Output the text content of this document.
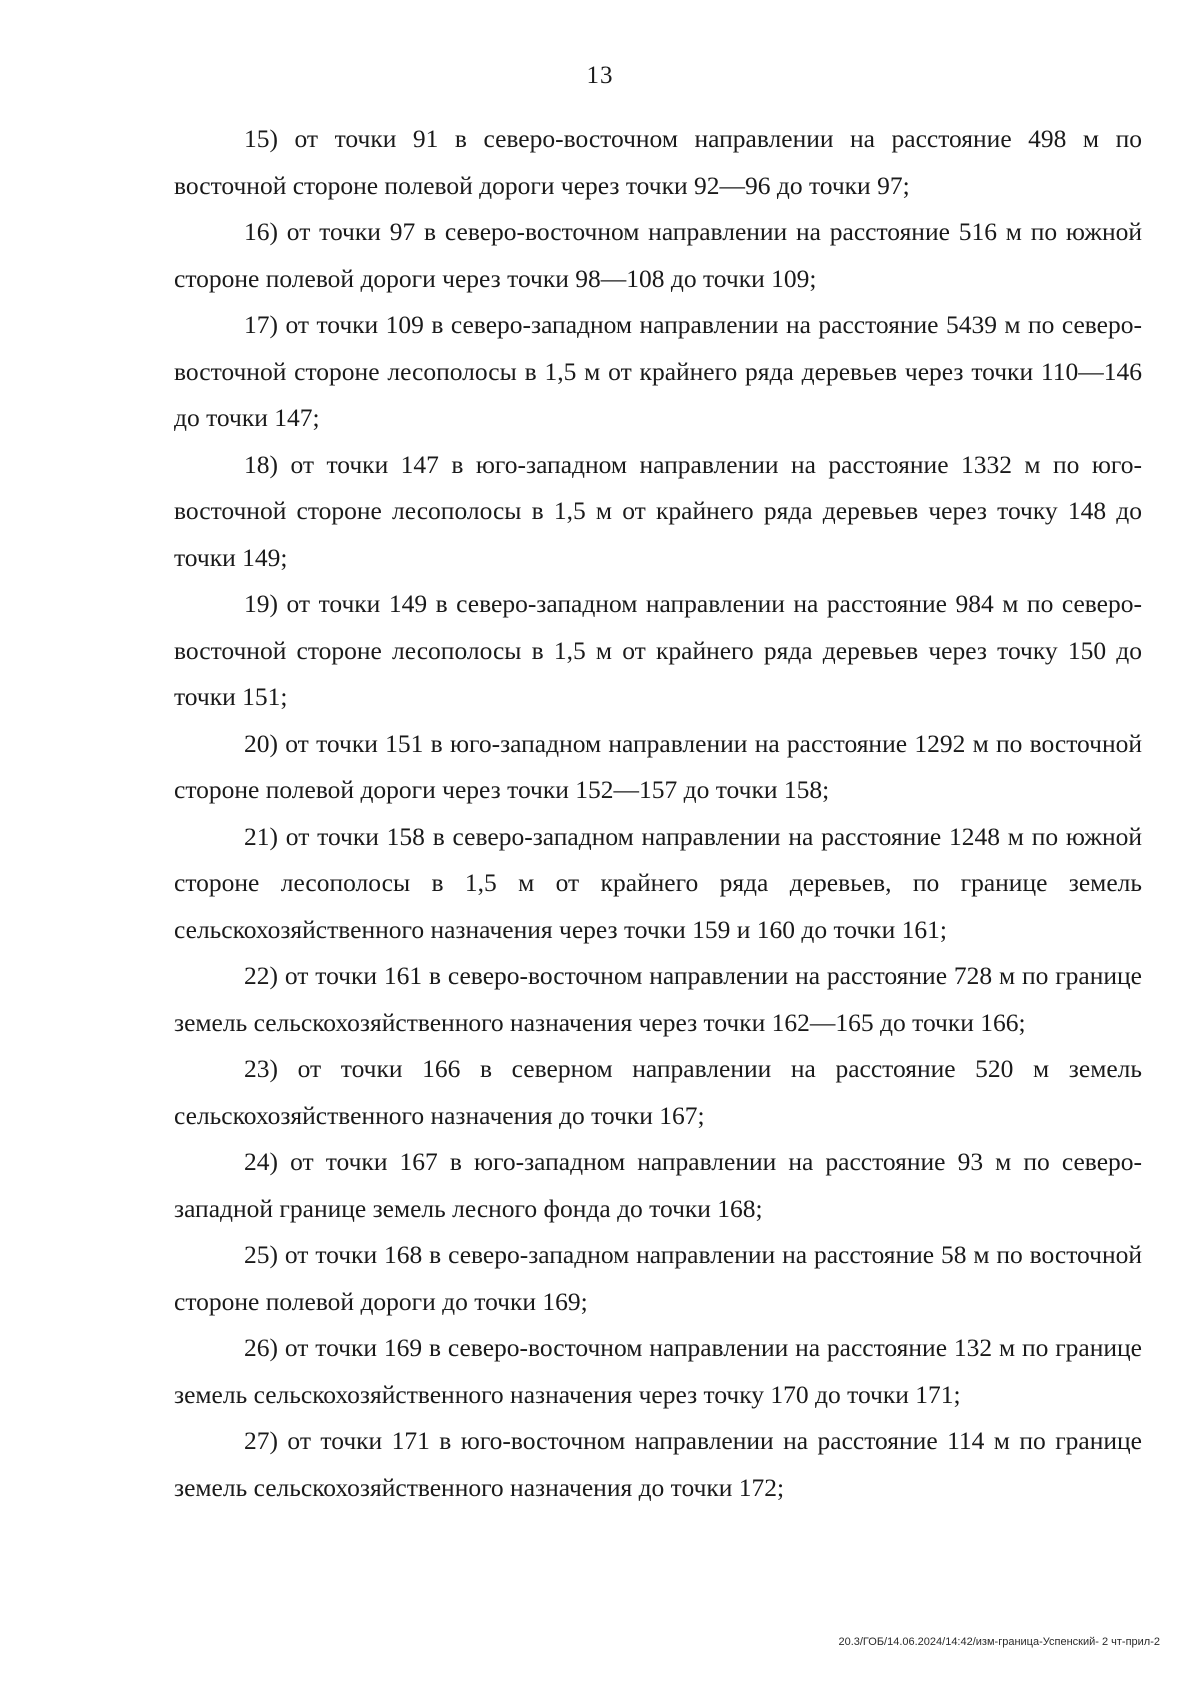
13

15) от точки 91 в северо-восточном направлении на расстояние 498 м по восточной стороне полевой дороги через точки 92—96 до точки 97;

16) от точки 97 в северо-восточном направлении на расстояние 516 м по южной стороне полевой дороги через точки 98—108 до точки 109;

17) от точки 109 в северо-западном направлении на расстояние 5439 м по северо-восточной стороне лесополосы в 1,5 м от крайнего ряда деревьев через точки 110—146 до точки 147;

18) от точки 147 в юго-западном направлении на расстояние 1332 м по юго-восточной стороне лесополосы в 1,5 м от крайнего ряда деревьев через точку 148 до точки 149;

19) от точки 149 в северо-западном направлении на расстояние 984 м по северо-восточной стороне лесополосы в 1,5 м от крайнего ряда деревьев через точку 150 до точки 151;

20) от точки 151 в юго-западном направлении на расстояние 1292 м по восточной стороне полевой дороги через точки 152—157 до точки 158;

21) от точки 158 в северо-западном направлении на расстояние 1248 м по южной стороне лесополосы в 1,5 м от крайнего ряда деревьев, по границе земель сельскохозяйственного назначения через точки 159 и 160 до точки 161;

22) от точки 161 в северо-восточном направлении на расстояние 728 м по границе земель сельскохозяйственного назначения через точки 162—165 до точки 166;

23) от точки 166 в северном направлении на расстояние 520 м земель сельскохозяйственного назначения до точки 167;

24) от точки 167 в юго-западном направлении на расстояние 93 м по северо-западной границе земель лесного фонда до точки 168;

25) от точки 168 в северо-западном направлении на расстояние 58 м по восточной стороне полевой дороги до точки 169;

26) от точки 169 в северо-восточном направлении на расстояние 132 м по границе земель сельскохозяйственного назначения через точку 170 до точки 171;

27) от точки 171 в юго-восточном направлении на расстояние 114 м по границе земель сельскохозяйственного назначения до точки 172;

20.3/ГОБ/14.06.2024/14:42/изм-граница-Успенский- 2 чт-прил-2
